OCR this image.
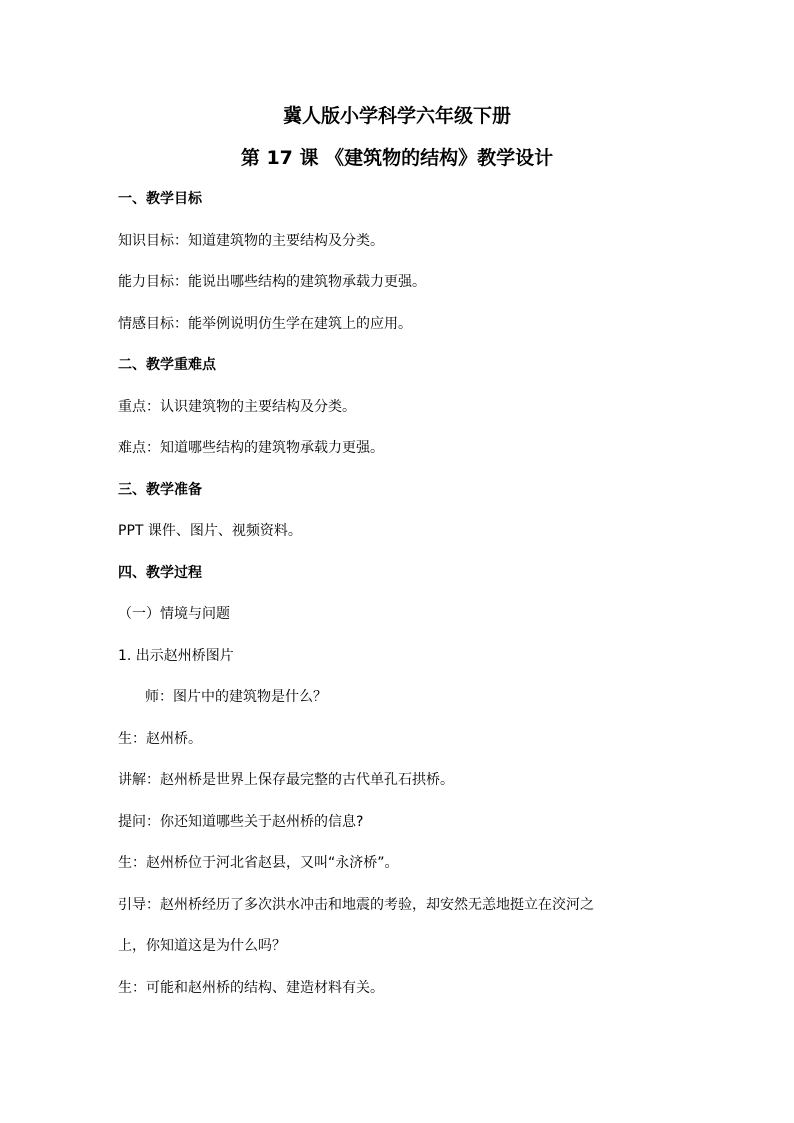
冀人版小学科学六年级下册
第 17 课 《建筑物的结构》教学设计
一、教学目标
知识目标：知道建筑物的主要结构及分类。
能力目标：能说出哪些结构的建筑物承载力更强。
情感目标：能举例说明仿生学在建筑上的应用。
二、教学重难点
重点：认识建筑物的主要结构及分类。
难点：知道哪些结构的建筑物承载力更强。
三、教学准备
PPT 课件、图片、视频资料。
四、教学过程
（一）情境与问题
1. 出示赵州桥图片
师：图片中的建筑物是什么？
生：赵州桥。
讲解：赵州桥是世界上保存最完整的古代单孔石拱桥。
提问：你还知道哪些关于赵州桥的信息?
生：赵州桥位于河北省赵县，又叫“永济桥”。
引导：赵州桥经历了多次洪水冲击和地震的考验，却安然无恙地挺立在洨河之
上，你知道这是为什么吗？
生：可能和赵州桥的结构、建造材料有关。
